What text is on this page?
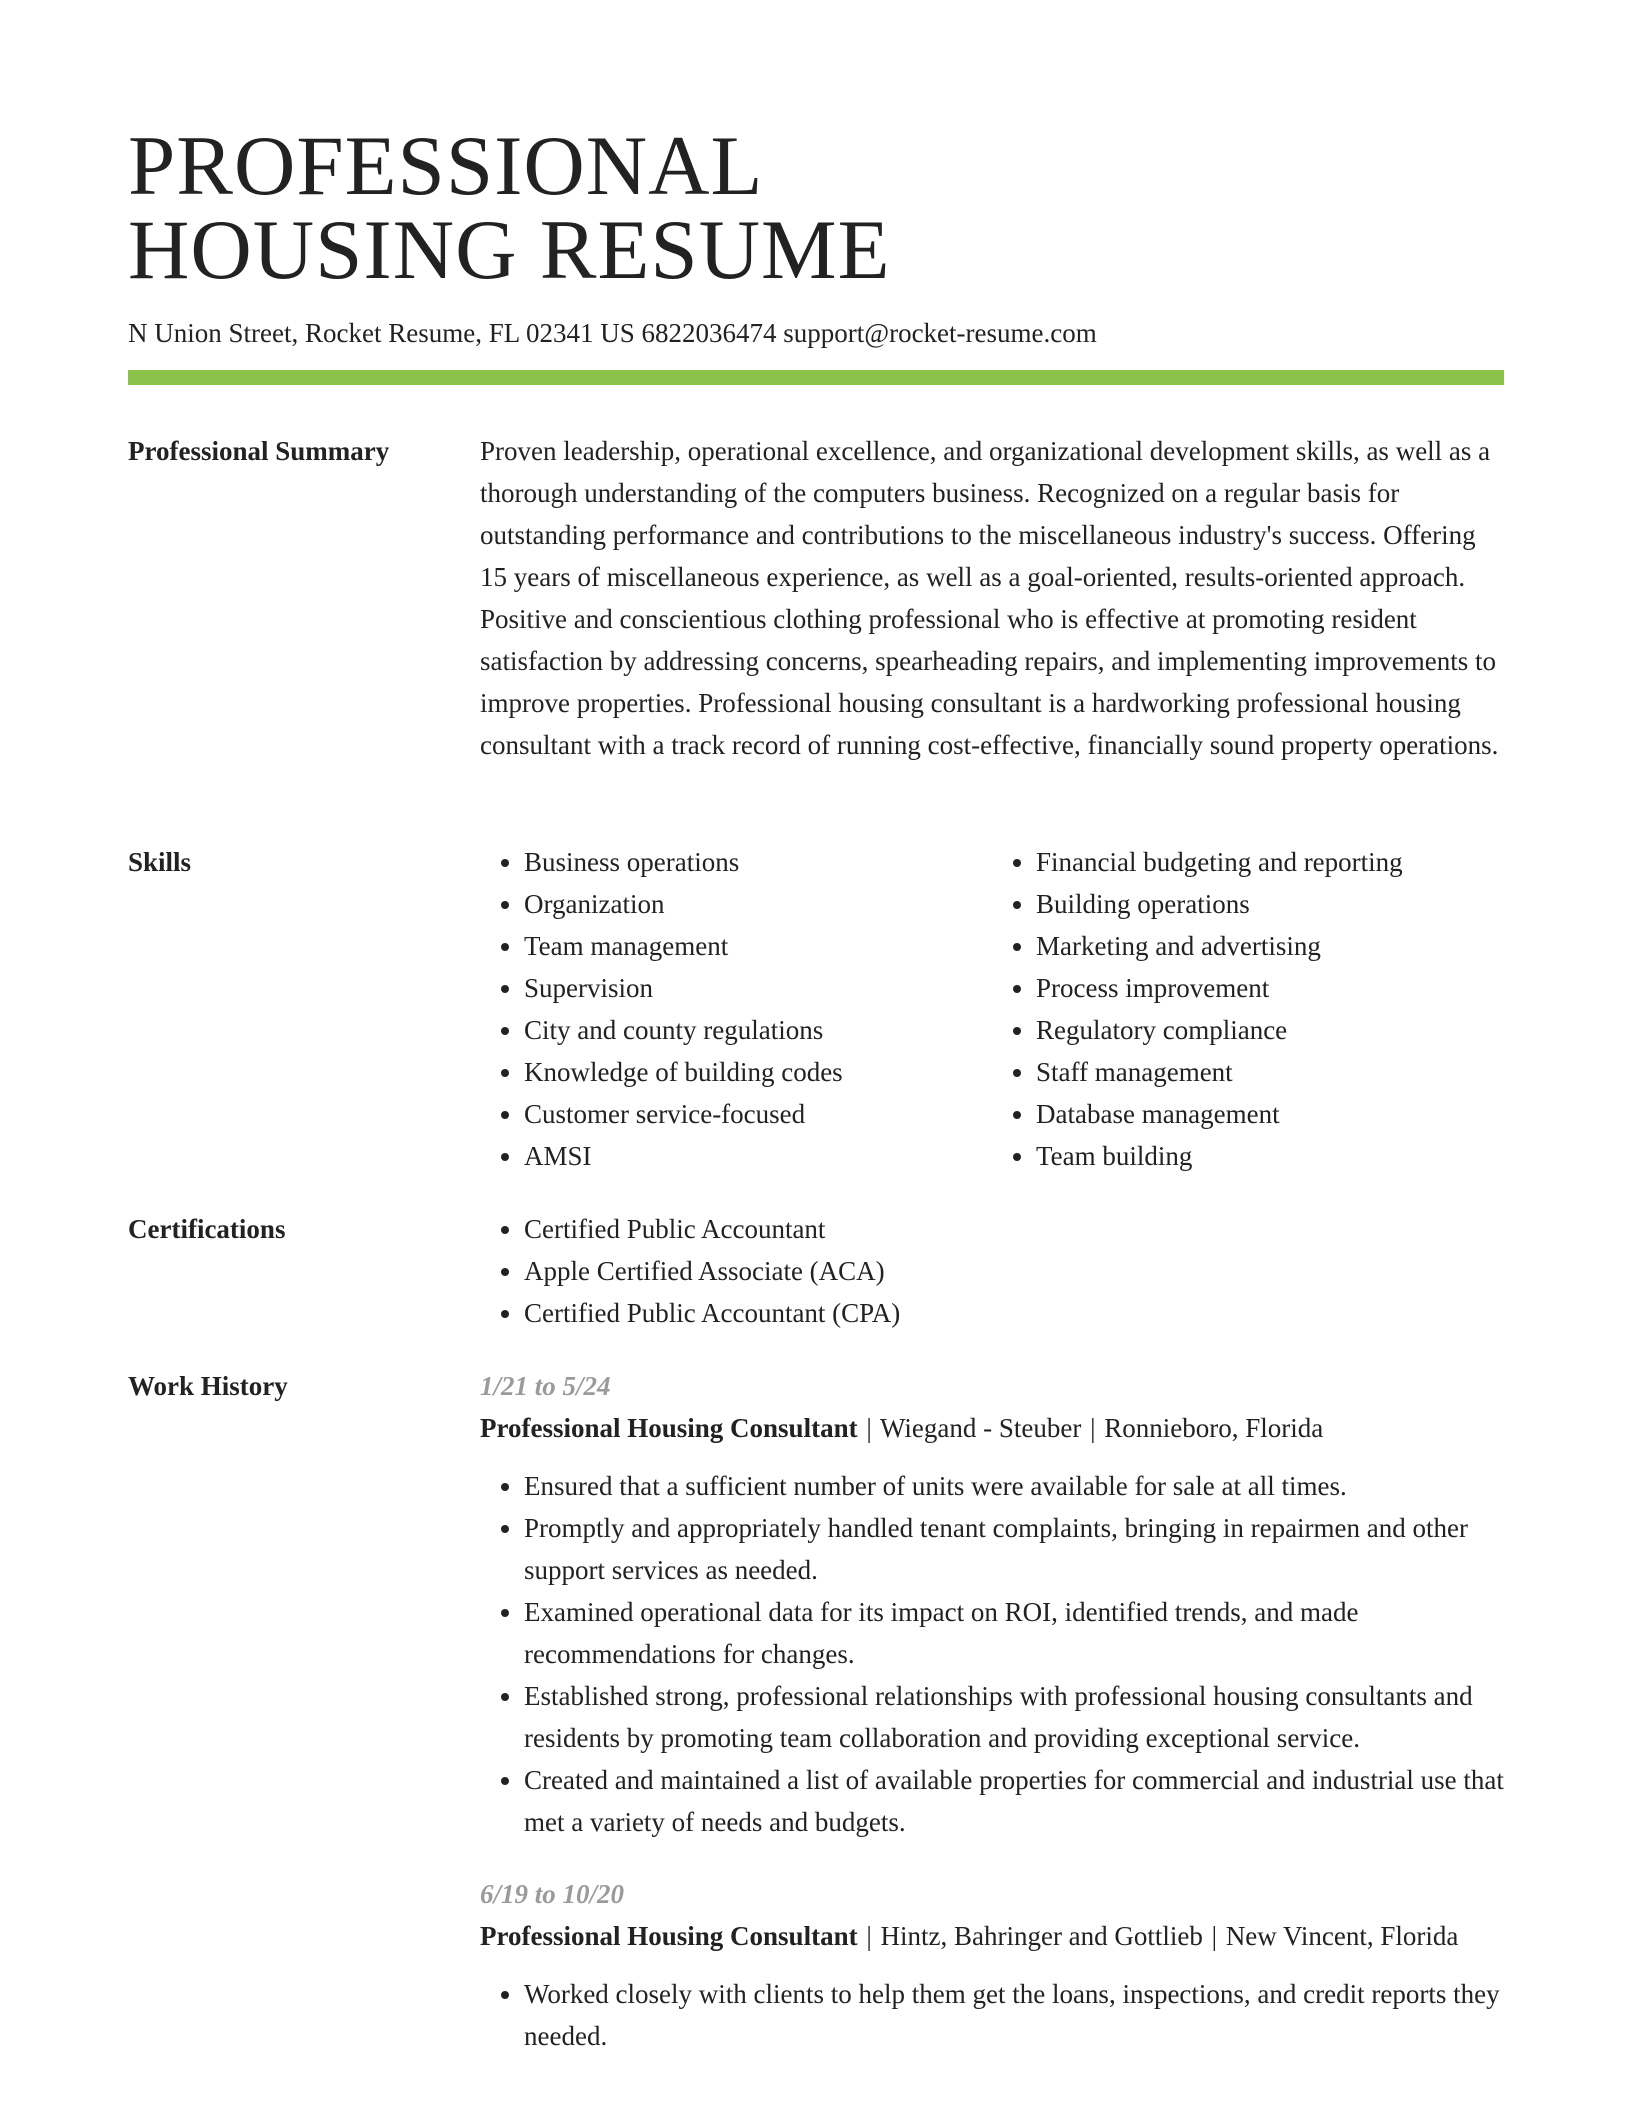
PROFESSIONAL
HOUSING RESUME
N Union Street, Rocket Resume, FL 02341 US 6822036474 support@rocket-resume.com
Professional Summary	Proven leadership, operational excellence, and organizational development skills, as well as a thorough understanding of the computers business. Recognized on a regular basis for outstanding performance and contributions to the miscellaneous industry's success. Offering 15 years of miscellaneous experience, as well as a goal-oriented, results-oriented approach. Positive and conscientious clothing professional who is effective at promoting resident satisfaction by addressing concerns, spearheading repairs, and implementing improvements to improve properties. Professional housing consultant is a hardworking professional housing consultant with a track record of running cost-effective, financially sound property operations.

Skills	• Business operations
• Organization
• Team management
• Supervision
• City and county regulations
• Knowledge of building codes
• Customer service-focused
• AMSI
• Financial budgeting and reporting
• Building operations
• Marketing and advertising
• Process improvement
• Regulatory compliance
• Staff management
• Database management
• Team building
Certifications	• Certified Public Accountant
• Apple Certified Associate (ACA)
• Certified Public Accountant (CPA)
Work History	1/21 to 5/24

Professional Housing Consultant | Wiegand - Steuber | Ronnieboro, Florida

• Ensured that a sufficient number of units were available for sale at all times.
• Promptly and appropriately handled tenant complaints, bringing in repairmen and other support services as needed.
• Examined operational data for its impact on ROI, identified trends, and made recommendations for changes.
• Established strong, professional relationships with professional housing consultants and residents by promoting team collaboration and providing exceptional service.
• Created and maintained a list of available properties for commercial and industrial use that met a variety of needs and budgets.

6/19 to 10/20

Professional Housing Consultant | Hintz, Bahringer and Gottlieb | New Vincent, Florida

• Worked closely with clients to help them get the loans, inspections, and credit reports they needed.
